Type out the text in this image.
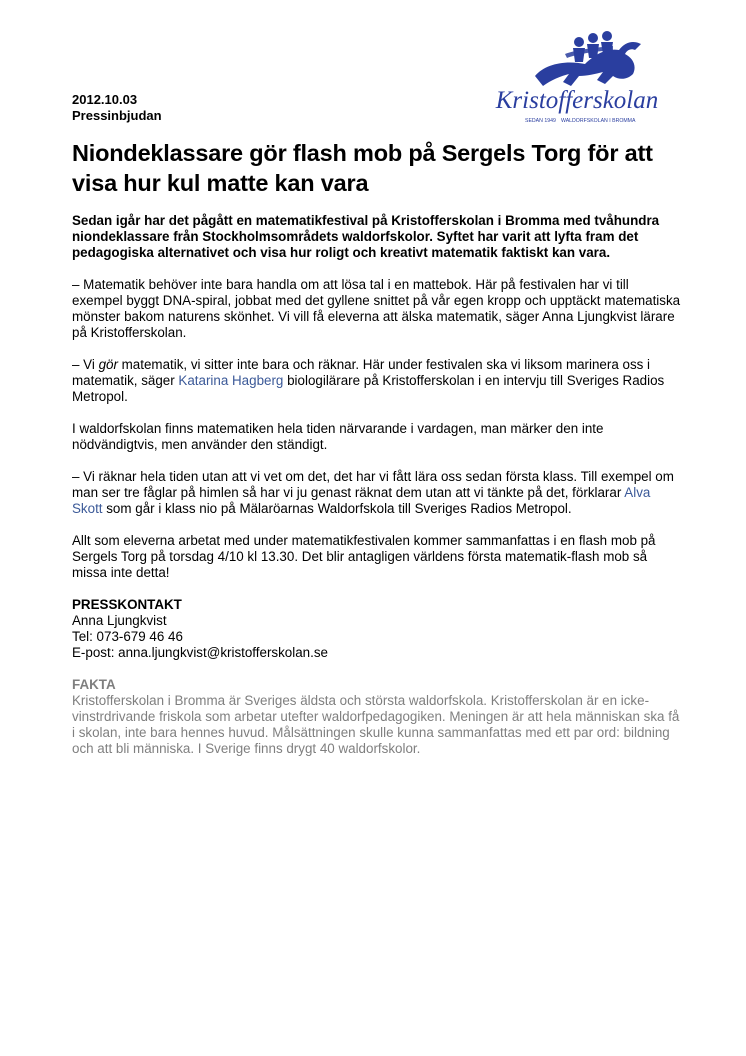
2012.10.03
Pressinbjudan
Kristofferskolan
SEDAN 1949 WALDORFSKOLAN I BROMMA
Niondeklassare gör flash mob på Sergels Torg för att visa hur kul matte kan vara

Sedan igår har det pågått en matematikfestival på Kristofferskolan i Bromma med tvåhundra niondeklassare från Stockholmsområdets waldorfskolor. Syftet har varit att lyfta fram det pedagogiska alternativet och visa hur roligt och kreativt matematik faktiskt kan vara.

– Matematik behöver inte bara handla om att lösa tal i en mattebok. Här på festivalen har vi till exempel byggt DNA-spiral, jobbat med det gyllene snittet på vår egen kropp och upptäckt matematiska mönster bakom naturens skönhet. Vi vill få eleverna att älska matematik, säger Anna Ljungkvist lärare på Kristofferskolan.

– Vi gör matematik, vi sitter inte bara och räknar. Här under festivalen ska vi liksom marinera oss i matematik, säger Katarina Hagberg biologilärare på Kristofferskolan i en intervju till Sveriges Radios Metropol.

I waldorfskolan finns matematiken hela tiden närvarande i vardagen, man märker den inte nödvändigtvis, men använder den ständigt.

– Vi räknar hela tiden utan att vi vet om det, det har vi fått lära oss sedan första klass. Till exempel om man ser tre fåglar på himlen så har vi ju genast räknat dem utan att vi tänkte på det, förklarar Alva Skott som går i klass nio på Mälaröarnas Waldorfskola till Sveriges Radios Metropol.

Allt som eleverna arbetat med under matematikfestivalen kommer sammanfattas i en flash mob på Sergels Torg på torsdag 4/10 kl 13.30. Det blir antagligen världens första matematik-flash mob så missa inte detta!

PRESSKONTAKT
Anna Ljungkvist
Tel: 073-679 46 46
E-post: anna.ljungkvist@kristofferskolan.se
FAKTA
Kristofferskolan i Bromma är Sveriges äldsta och största waldorfskola. Kristofferskolan är en icke-vinstrdrivande friskola som arbetar utefter waldorfpedagogiken. Meningen är att hela människan ska få i skolan, inte bara hennes huvud. Målsättningen skulle kunna sammanfattas med ett par ord: bildning och att bli människa. I Sverige finns drygt 40 waldorfskolor.
